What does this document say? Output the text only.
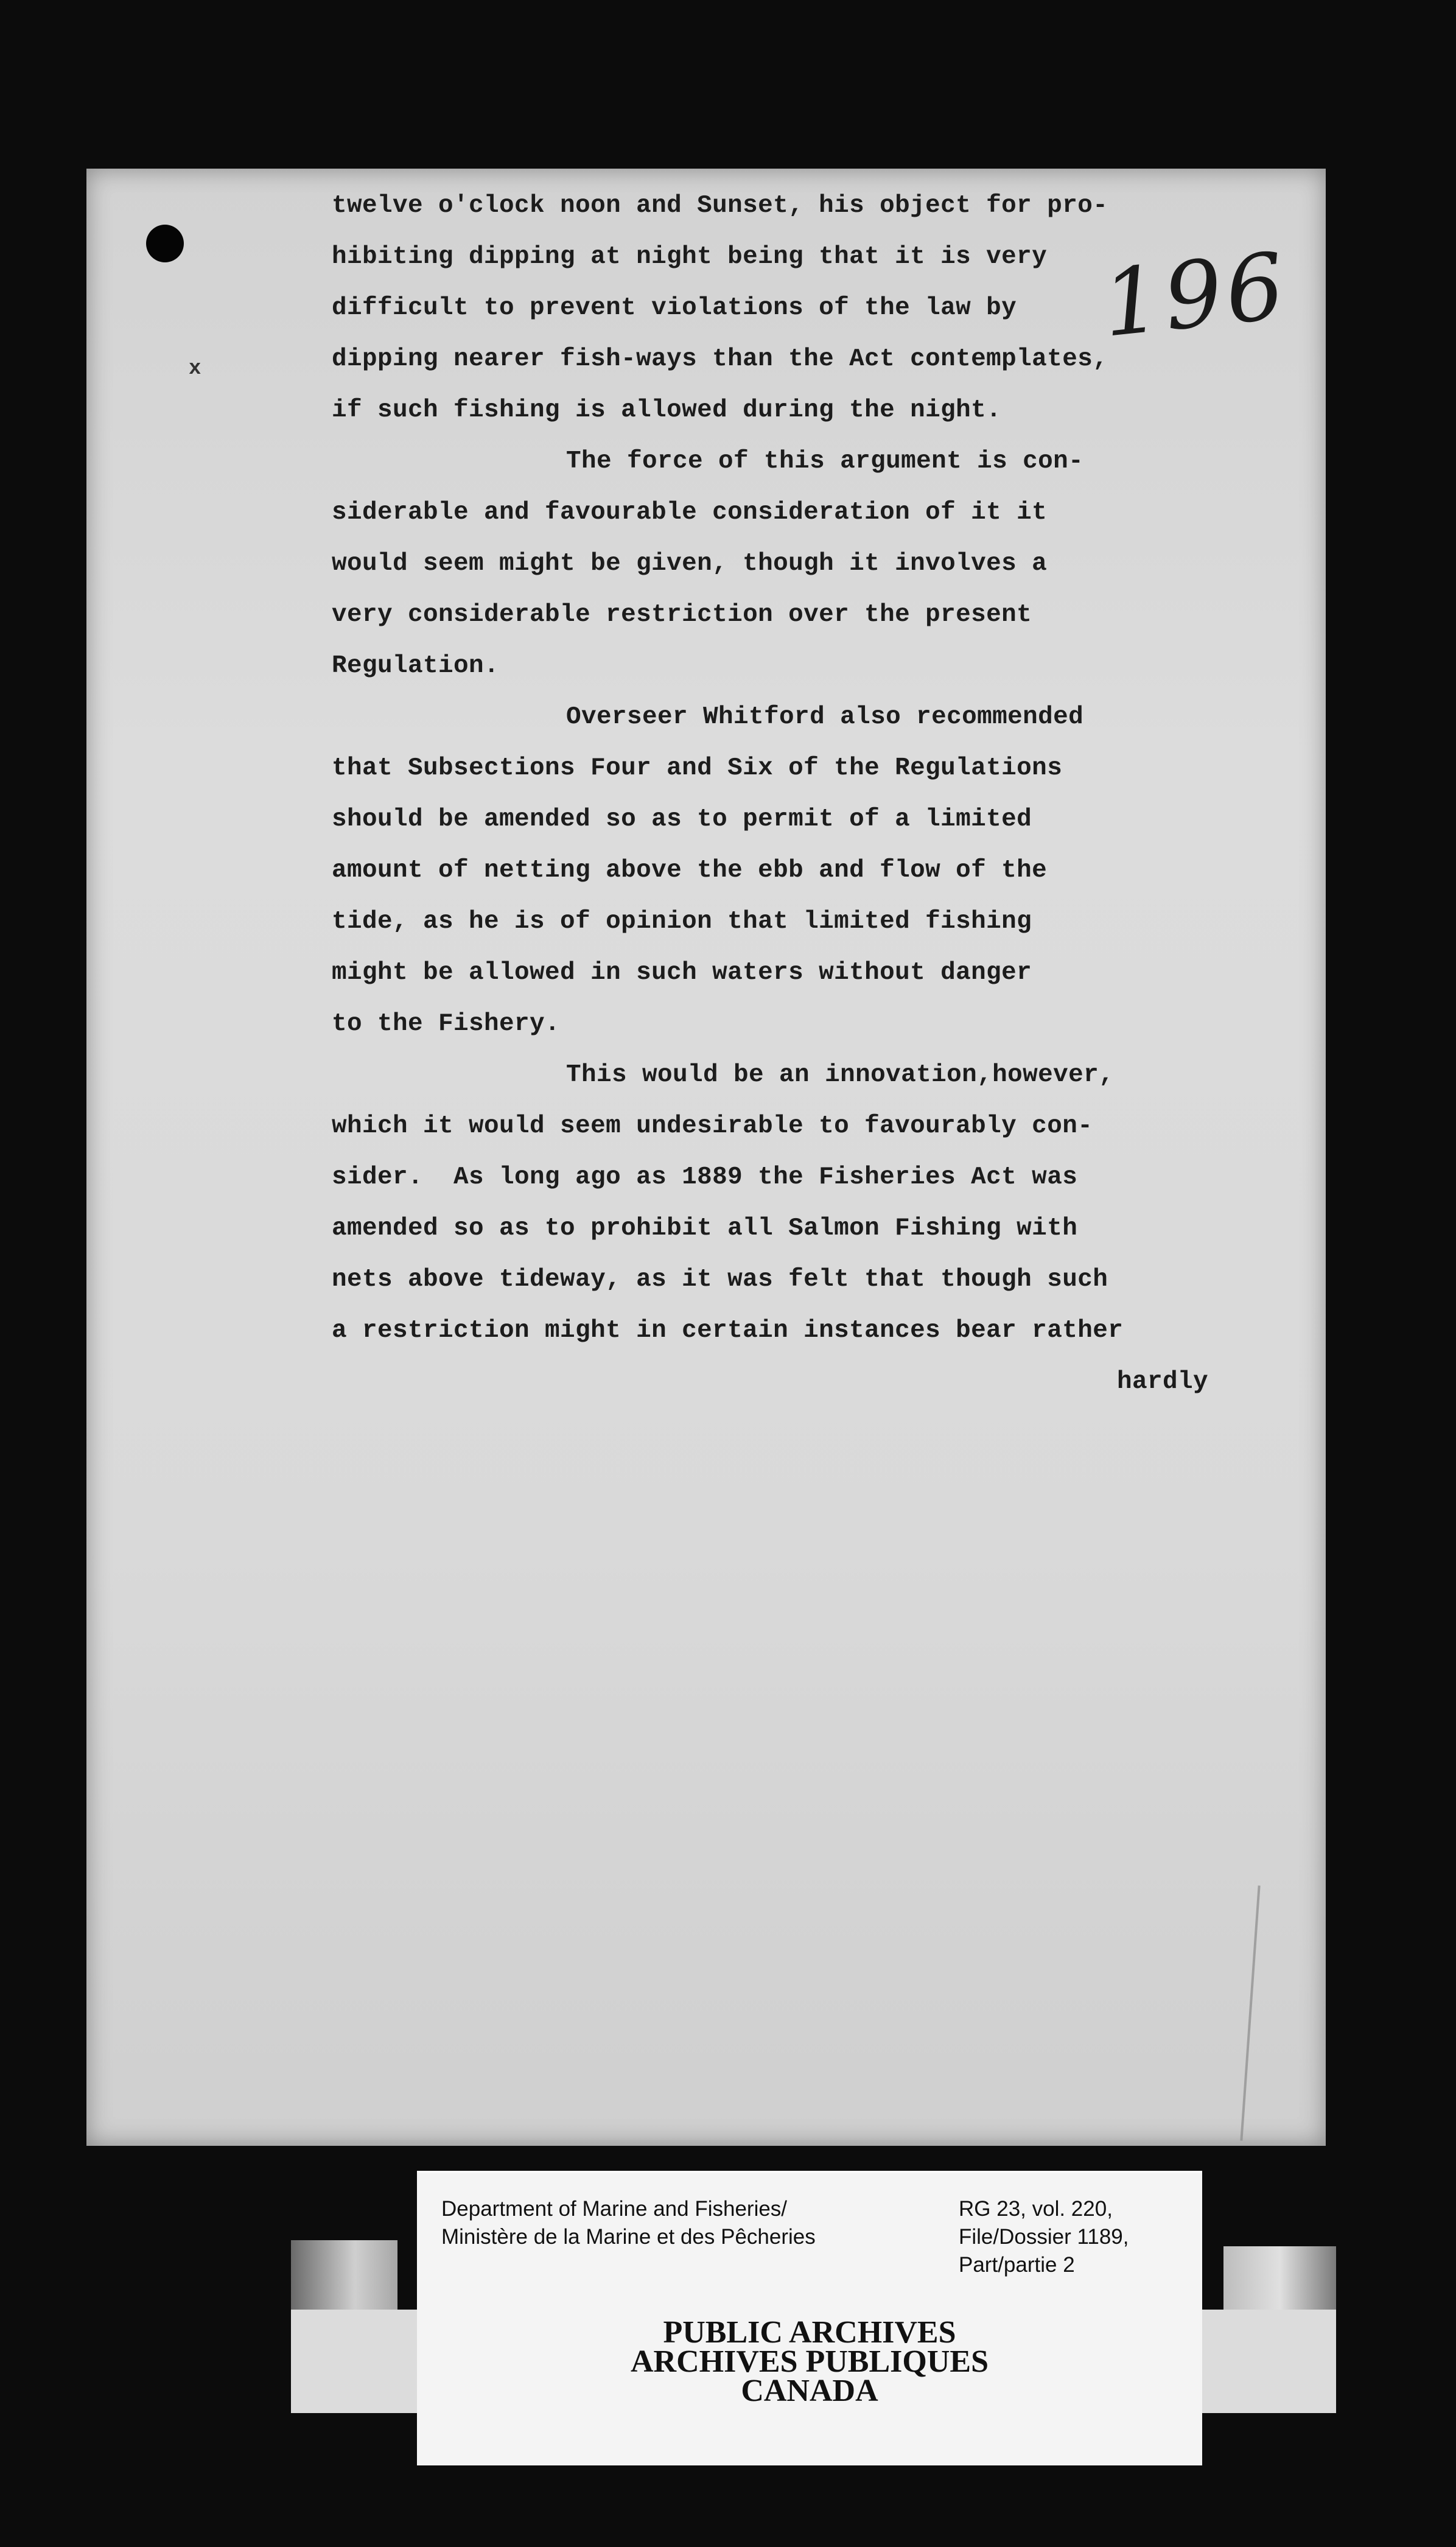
196
x
twelve o'clock noon and Sunset, his object for pro-
hibiting dipping at night being that it is very
difficult to prevent violations of the law by
dipping nearer fish-ways than the Act contemplates,
if such fishing is allowed during the night.
The force of this argument is con-
siderable and favourable consideration of it it
would seem might be given, though it involves a
very considerable restriction over the present
Regulation.
Overseer Whitford also recommended
that Subsections Four and Six of the Regulations
should be amended so as to permit of a limited
amount of netting above the ebb and flow of the
tide, as he is of opinion that limited fishing
might be allowed in such waters without danger
to the Fishery.
This would be an innovation,however,
which it would seem undesirable to favourably con-
sider.  As long ago as 1889 the Fisheries Act was
amended so as to prohibit all Salmon Fishing with
nets above tideway, as it was felt that though such
a restriction might in certain instances bear rather
hardly
Department of Marine and Fisheries/
Ministère de la Marine et des Pêcheries
RG 23, vol. 220,
File/Dossier 1189,
Part/partie 2
PUBLIC ARCHIVES
ARCHIVES PUBLIQUES
CANADA
